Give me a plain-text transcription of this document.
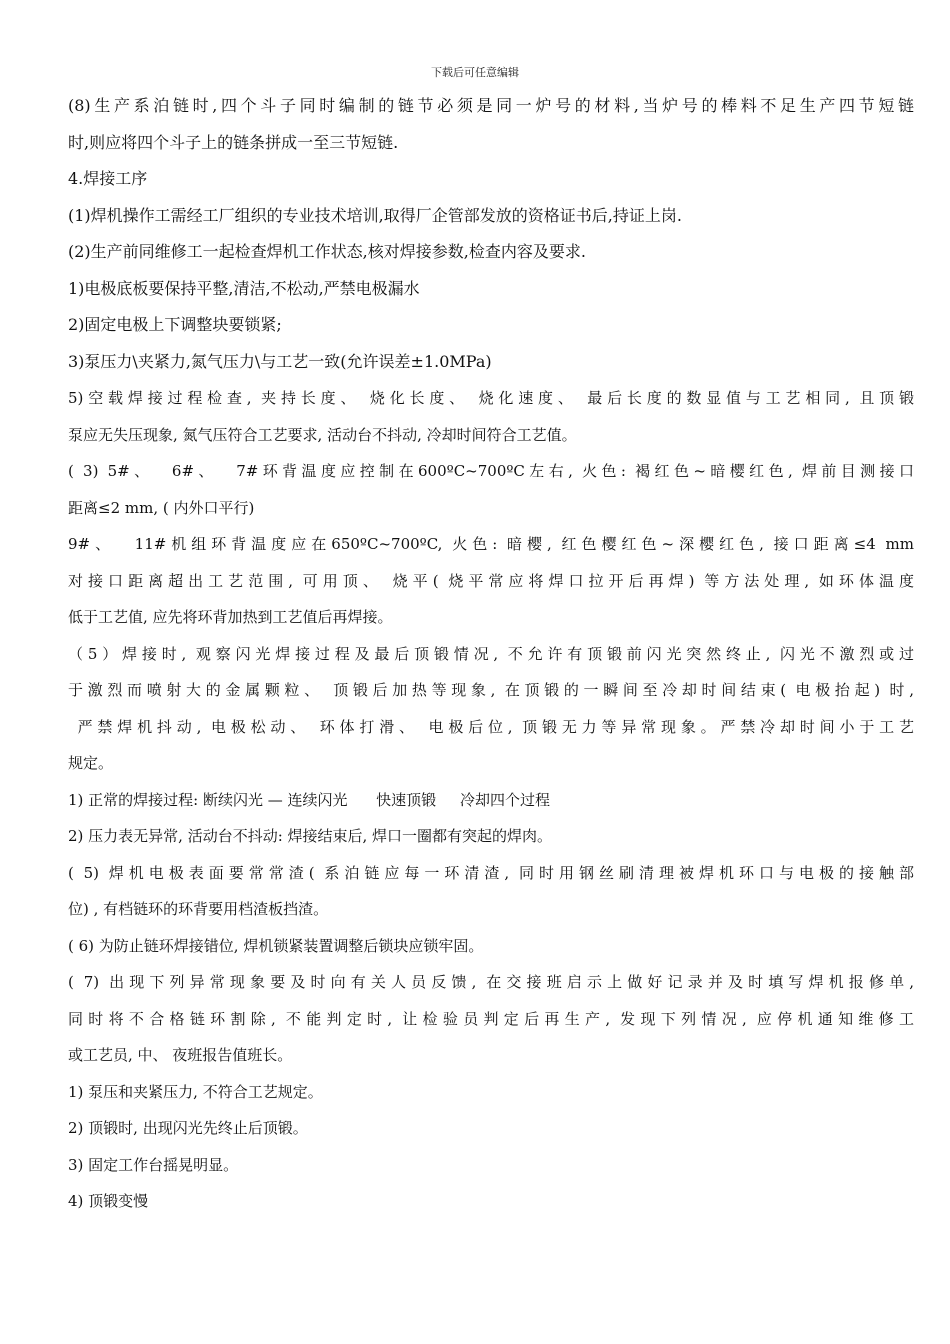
下载后可任意编辑
(8)生产系泊链时,四个斗子同时编制的链节必须是同一炉号的材料,当炉号的棒料不足生产四节短链
时,则应将四个斗子上的链条拼成一至三节短链.
4.焊接工序
(1)焊机操作工需经工厂组织的专业技术培训,取得厂企管部发放的资格证书后,持证上岗.
(2)生产前同维修工一起检查焊机工作状态,核对焊接参数,检查内容及要求.
1)电极底板要保持平整,清洁,不松动,严禁电极漏水
2)固定电极上下调整块要锁紧;
3)泵压力\夹紧力,氮气压力\与工艺一致(允许误差±1.0MPa)
5)空载焊接过程检查, 夹持长度、 烧化长度、 烧化速度、 最后长度的数显值与工艺相同, 且顶锻
泵应无失压现象, 氮气压符合工艺要求, 活动台不抖动, 冷却时间符合工艺值。
( 3) 5#、  6#、  7#环背温度应控制在600ºC~700ºC左右, 火色: 褐红色~暗樱红色, 焊前目测接口
距离≤2 mm, ( 内外口平行)
9#、  11#机组环背温度应在650ºC~700ºC, 火色: 暗樱, 红色樱红色~深樱红色, 接口距离≤4 mm
对接口距离超出工艺范围, 可用顶、 烧平( 烧平常应将焊口拉开后再焊) 等方法处理, 如环体温度
低于工艺值, 应先将环背加热到工艺值后再焊接。
（5）焊接时, 观察闪光焊接过程及最后顶锻情况, 不允许有顶锻前闪光突然终止, 闪光不激烈或过
于激烈而喷射大的金属颗粒、 顶锻后加热等现象, 在顶锻的一瞬间至冷却时间结束( 电极抬起) 时,
严禁焊机抖动, 电极松动、 环体打滑、 电极后位, 顶锻无力等异常现象。严禁冷却时间小于工艺
规定。
1) 正常的焊接过程: 断续闪光 — 连续闪光      快速顶锻     冷却四个过程
2) 压力表无异常, 活动台不抖动: 焊接结束后, 焊口一圈都有突起的焊肉。
( 5) 焊机电极表面要常常渣( 系泊链应每一环清渣, 同时用钢丝刷清理被焊机环口与电极的接触部
位) , 有档链环的环背要用档渣板挡渣。
( 6) 为防止链环焊接错位, 焊机锁紧装置调整后锁块应锁牢固。
( 7) 出现下列异常现象要及时向有关人员反馈, 在交接班启示上做好记录并及时填写焊机报修单,
同时将不合格链环割除, 不能判定时, 让检验员判定后再生产, 发现下列情况, 应停机通知维修工
或工艺员, 中、 夜班报告值班长。
1) 泵压和夹紧压力, 不符合工艺规定。
2) 顶锻时, 出现闪光先终止后顶锻。
3) 固定工作台摇晃明显。
4) 顶锻变慢
